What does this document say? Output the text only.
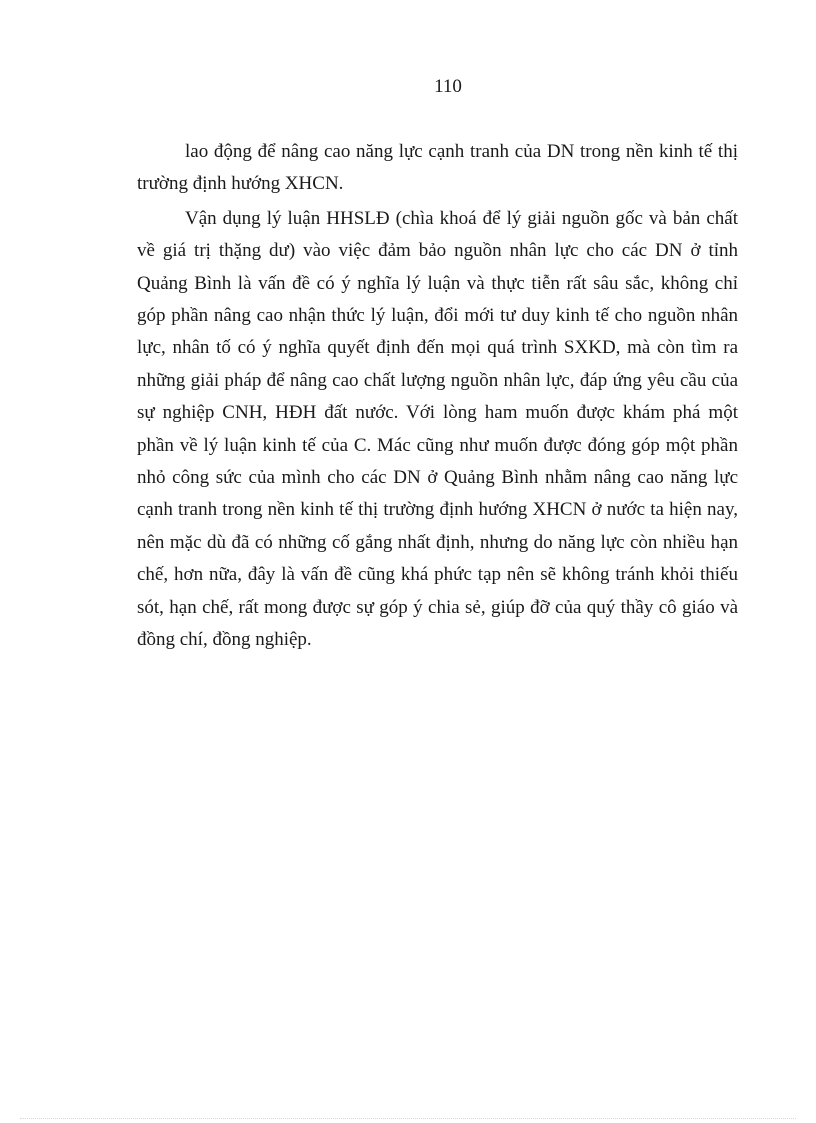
110

lao động để nâng cao năng lực cạnh tranh của DN trong nền kinh tế thị trường định hướng XHCN.

Vận dụng lý luận HHSLĐ (chìa khoá để lý giải nguồn gốc và bản chất về giá trị thặng dư) vào việc đảm bảo nguồn nhân lực cho các DN ở tỉnh Quảng Bình là vấn đề có ý nghĩa lý luận và thực tiễn rất sâu sắc, không chỉ góp phần nâng cao nhận thức lý luận, đổi mới tư duy kinh tế cho nguồn nhân lực, nhân tố có ý nghĩa quyết định đến mọi quá trình SXKD, mà còn tìm ra những giải pháp để nâng cao chất lượng nguồn nhân lực, đáp ứng yêu cầu của sự nghiệp CNH, HĐH đất nước. Với lòng ham muốn được khám phá một phần về lý luận kinh tế của C. Mác cũng như muốn được đóng góp một phần nhỏ công sức của mình cho các DN ở Quảng Bình nhằm nâng cao năng lực cạnh tranh trong nền kinh tế thị trường định hướng XHCN ở nước ta hiện nay, nên mặc dù đã có những cố gắng nhất định, nhưng do năng lực còn nhiều hạn chế, hơn nữa, đây là vấn đề cũng khá phức tạp nên sẽ không tránh khỏi thiếu sót, hạn chế, rất mong được sự góp ý chia sẻ, giúp đỡ của quý thầy cô giáo và đồng chí, đồng nghiệp.
